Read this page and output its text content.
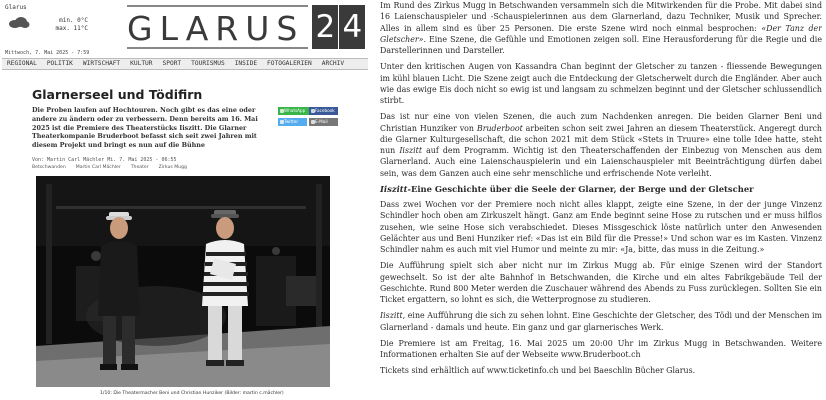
Glarus
min. 0°C
max. 11°C
Mittwoch, 7. Mai 2025 - 7:59
GLARUS 2 4
REGIONAL	POLITIK	WIRTSCHAFT	KULTUR	SPORT	TOURISMUS	INSIDE	FOTOGALERIEN	ARCHIV
Glarnerseel und Tödifirn

Die Proben laufen auf Hochtouren. Noch gibt es das eine oder andere zu ändern oder zu verbessern. Denn bereits am 16. Mai 2025 ist die Premiere des Theaterstücks Iiszitt. Die Glarner Theaterkompanie Bruderboot befasst sich seit zwei Jahren mit diesem Projekt und bringt es nun auf die Bühne

WhatsApp	Facebook
Twitter	E-Mail
Von: Martin Carl Mächler Mi. 7. Mai 2025 - 06:55
Betschwanden Martin Carl Mächler Theater Zirkus Mugg
1/10: Die Theatermacher Beni und Christian Hunziker (Bilder: martin c.mächler)

Im Rund des Zirkus Mugg in Betschwanden versammeln sich die Mitwirkenden für die Probe. Mit dabei sind 16 Laienschauspieler und -Schauspielerinnen aus dem Glarnerland, dazu Techniker, Musik und Sprecher. Alles in allem sind es über 25 Personen. Die erste Szene wird noch einmal besprochen: «Der Tanz der Gletscher». Eine Szene, die Gefühle und Emotionen zeigen soll. Eine Herausforderung für die Regie und die Darstellerinnen und Darsteller.

Unter den kritischen Augen von Kassandra Chan beginnt der Gletscher zu tanzen - fliessende Bewegungen im kühl blauen Licht. Die Szene zeigt auch die Entdeckung der Gletscherwelt durch die Engländer. Aber auch wie das ewige Eis doch nicht so ewig ist und langsam zu schmelzen beginnt und der Gletscher schlussendlich stirbt.

Das ist nur eine von vielen Szenen, die auch zum Nachdenken anregen. Die beiden Glarner Beni und Christian Hunziker von Bruderboot arbeiten schon seit zwei Jahren an diesem Theaterstück. Angeregt durch die Glarner Kulturgesellschaft, die schon 2021 mit dem Stück «Stets in Truure» eine tolle Idee hatte, steht nun Iiszitt auf dem Programm. Wichtig ist den Theaterschaffenden der Einbezug von Menschen aus dem Glarnerland. Auch eine Laienschauspielerin und ein Laienschauspieler mit Beeinträchtigung dürfen dabei sein, was dem Ganzen auch eine sehr menschliche und erfrischende Note verleiht.

Iiszitt-Eine Geschichte über die Seele der Glarner, der Berge und der Gletscher

Dass zwei Wochen vor der Premiere noch nicht alles klappt, zeigte eine Szene, in der der junge Vinzenz Schindler hoch oben am Zirkuszelt hängt. Ganz am Ende beginnt seine Hose zu rutschen und er muss hilflos zusehen, wie seine Hose sich verabschiedet. Dieses Missgeschick löste natürlich unter den Anwesenden Gelächter aus und Beni Hunziker rief: «Das ist ein Bild für die Presse!» Und schon war es im Kasten. Vinzenz Schindler nahm es auch mit viel Humor und meinte zu mir: «Ja, bitte, das muss in die Zeitung.»

Die Aufführung spielt sich aber nicht nur im Zirkus Mugg ab. Für einige Szenen wird der Standort gewechselt. So ist der alte Bahnhof in Betschwanden, die Kirche und ein altes Fabrikgebäude Teil der Geschichte. Rund 800 Meter werden die Zuschauer während des Abends zu Fuss zurücklegen. Sollten Sie ein Ticket ergattern, so lohnt es sich, die Wetterprognose zu studieren.

Iiszitt, eine Aufführung die sich zu sehen lohnt. Eine Geschichte der Gletscher, des Tödi und der Menschen im Glarnerland - damals und heute. Ein ganz und gar glarnerisches Werk.

Die Premiere ist am Freitag, 16. Mai 2025 um 20:00 Uhr im Zirkus Mugg in Betschwanden. Weitere Informationen erhalten Sie auf der Webseite www.Bruderboot.ch

Tickets sind erhältlich auf www.ticketinfo.ch und bei Baeschlin Bücher Glarus.
